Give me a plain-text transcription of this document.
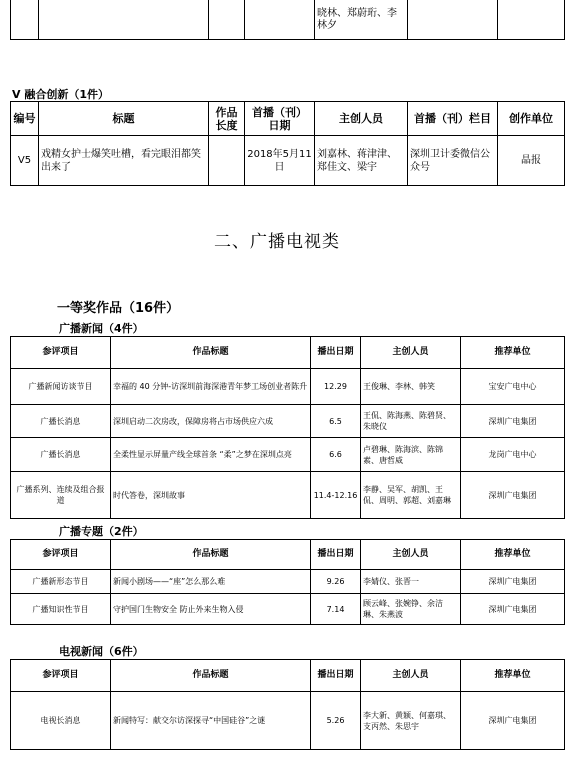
				晓林、郑蔚珩、李林夕		
V 融合创新（1件）
编号	标题	作品长度	首播（刊）日期	主创人员	首播（刊）栏目	创作单位
V5	戏精女护士爆笑吐槽，看完眼泪都笑出来了		2018年5月11日	刘嘉林、蒋津津、郑佳文、梁宇	深圳卫计委微信公众号	晶报
二、广播电视类
一等奖作品（16件）
广播新闻（4件）
参评项目	作品标题	播出日期	主创人员	推荐单位
广播新闻访谈节目	幸福的 40 分钟-访深圳前海深港青年梦工场创业者陈升	12.29	王俊琳、李林、韩笑	宝安广电中心
广播长消息	深圳启动二次房改，保障房将占市场供应六成	6.5	王侃、陈海燕、陈碧贤、朱晓仪	深圳广电集团
广播长消息	全柔性显示屏量产线全球首条 “柔”之梦在深圳点亮	6.6	卢碧琳、陈海滨、陈锦素、唐哲威	龙岗广电中心
广播系列、连续及组合报道	时代答卷，深圳故事	11.4-12.16	李静、吴军、胡凯、王侃、周明、郭超、刘嘉琳	深圳广电集团
广播专题（2件）
参评项目	作品标题	播出日期	主创人员	推荐单位
广播新形态节目	新闻小剧场——“座”怎么那么难	9.26	李婧仪、张晋一	深圳广电集团
广播知识性节目	守护国门生物安全 防止外来生物入侵	7.14	顾云峰、张婉铮、余洁琳、朱燕波	深圳广电集团
电视新闻（6件）
参评项目	作品标题	播出日期	主创人员	推荐单位
电视长消息	新闻特写：献交尔访深探寻“中国硅谷”之谜	5.26	李大新、黄颖、何嘉琪、支丙然、朱思宇	深圳广电集团
